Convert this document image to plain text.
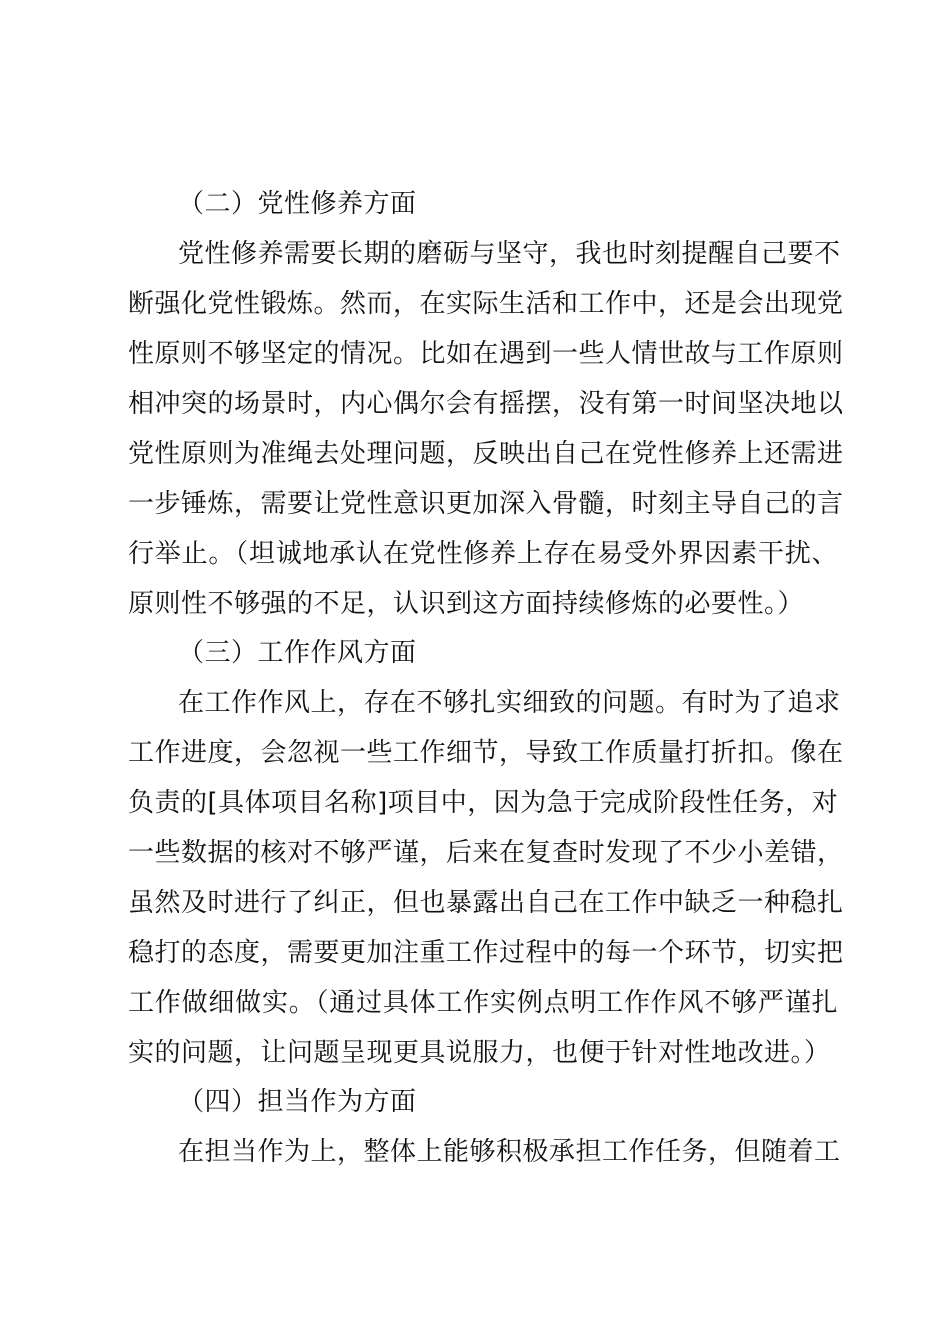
（二）党性修养方面

党性修养需要长期的磨砺与坚守，我也时刻提醒自己要不

断强化党性锻炼。然而，在实际生活和工作中，还是会出现党

性原则不够坚定的情况。比如在遇到一些人情世故与工作原则

相冲突的场景时，内心偶尔会有摇摆，没有第一时间坚决地以

党性原则为准绳去处理问题，反映出自己在党性修养上还需进

一步锤炼，需要让党性意识更加深入骨髓，时刻主导自己的言

行举止。（坦诚地承认在党性修养上存在易受外界因素干扰、

原则性不够强的不足，认识到这方面持续修炼的必要性。）

（三）工作作风方面

在工作作风上，存在不够扎实细致的问题。有时为了追求

工作进度，会忽视一些工作细节，导致工作质量打折扣。像在

负责的[具体项目名称]项目中，因为急于完成阶段性任务，对

一些数据的核对不够严谨，后来在复查时发现了不少小差错，

虽然及时进行了纠正，但也暴露出自己在工作中缺乏一种稳扎

稳打的态度，需要更加注重工作过程中的每一个环节，切实把

工作做细做实。（通过具体工作实例点明工作作风不够严谨扎

实的问题，让问题呈现更具说服力，也便于针对性地改进。）

（四）担当作为方面

在担当作为上，整体上能够积极承担工作任务，但随着工
